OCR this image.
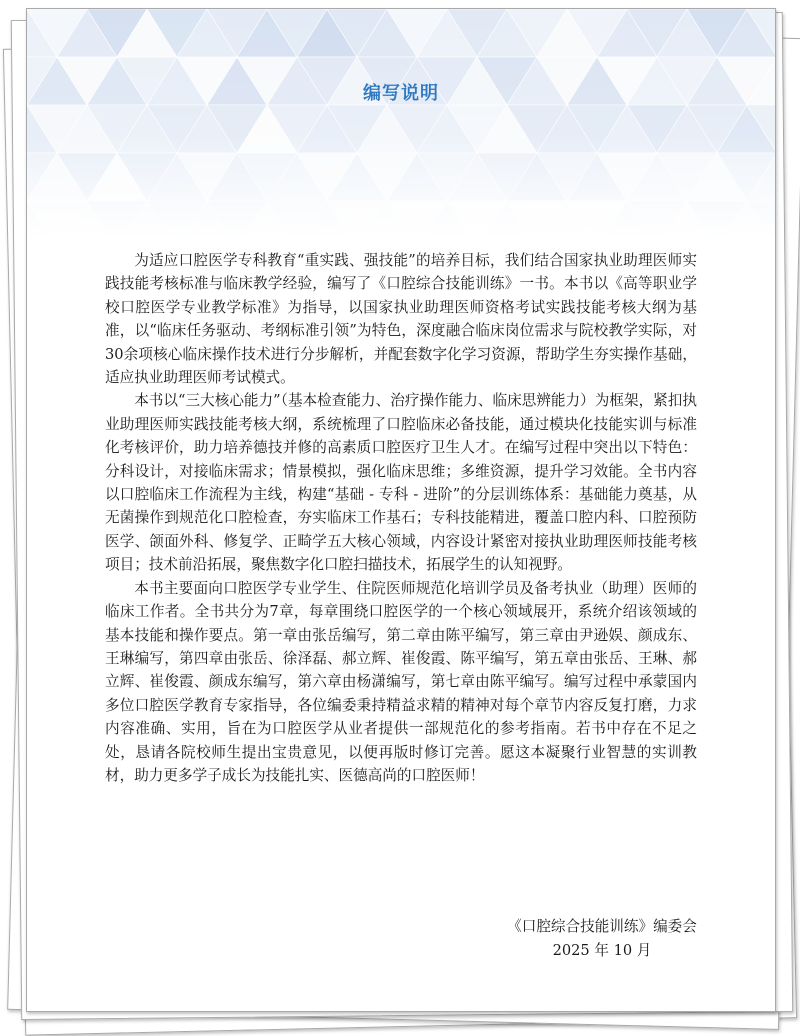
编写说明

为适应口腔医学专科教育“重实践、强技能”的培养目标，我们结合国家执业助理医师实践技能考核标准与临床教学经验，编写了《口腔综合技能训练》一书。本书以《高等职业学校口腔医学专业教学标准》为指导，以国家执业助理医师资格考试实践技能考核大纲为基准，以“临床任务驱动、考纲标准引领”为特色，深度融合临床岗位需求与院校教学实际，对30余项核心临床操作技术进行分步解析，并配套数字化学习资源，帮助学生夯实操作基础，适应执业助理医师考试模式。

本书以“三大核心能力”（基本检查能力、治疗操作能力、临床思辨能力）为框架，紧扣执业助理医师实践技能考核大纲，系统梳理了口腔临床必备技能，通过模块化技能实训与标准化考核评价，助力培养德技并修的高素质口腔医疗卫生人才。在编写过程中突出以下特色：分科设计，对接临床需求；情景模拟，强化临床思维；多维资源，提升学习效能。全书内容以口腔临床工作流程为主线，构建“基础 - 专科 - 进阶”的分层训练体系：基础能力奠基，从无菌操作到规范化口腔检查，夯实临床工作基石；专科技能精进，覆盖口腔内科、口腔预防医学、颌面外科、修复学、正畸学五大核心领域，内容设计紧密对接执业助理医师技能考核项目；技术前沿拓展，聚焦数字化口腔扫描技术，拓展学生的认知视野。

本书主要面向口腔医学专业学生、住院医师规范化培训学员及备考执业（助理）医师的临床工作者。全书共分为7章，每章围绕口腔医学的一个核心领域展开，系统介绍该领域的基本技能和操作要点。第一章由张岳编写，第二章由陈平编写，第三章由尹逊娱、颜成东、王琳编写，第四章由张岳、徐泽磊、郝立辉、崔俊霞、陈平编写，第五章由张岳、王琳、郝立辉、崔俊霞、颜成东编写，第六章由杨潇编写，第七章由陈平编写。编写过程中承蒙国内多位口腔医学教育专家指导，各位编委秉持精益求精的精神对每个章节内容反复打磨，力求内容准确、实用，旨在为口腔医学从业者提供一部规范化的参考指南。若书中存在不足之处，恳请各院校师生提出宝贵意见，以便再版时修订完善。愿这本凝聚行业智慧的实训教材，助力更多学子成长为技能扎实、医德高尚的口腔医师！

《口腔综合技能训练》编委会
2025 年 10 月
